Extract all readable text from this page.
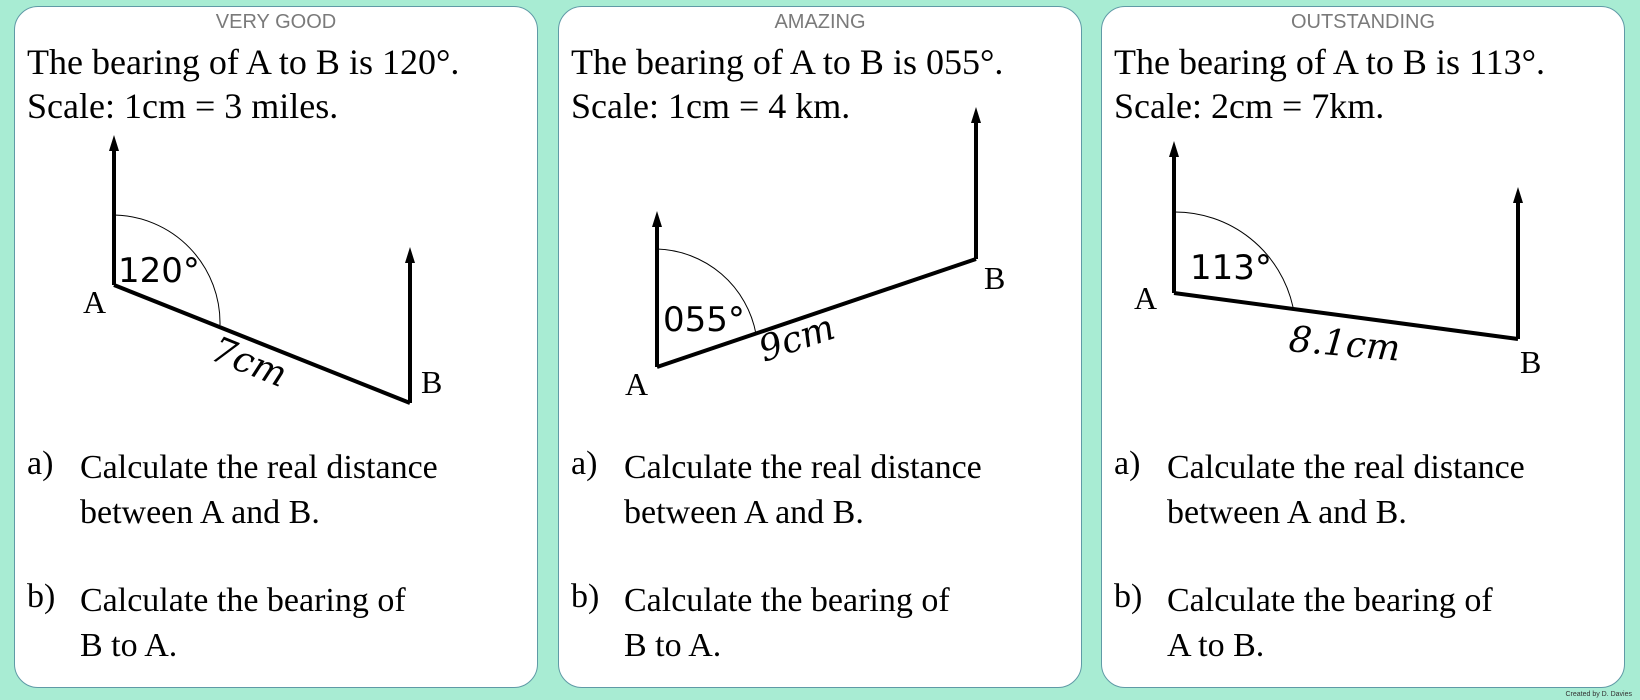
VERY GOOD
The bearing of A to B is 120°.
Scale: 1cm = 3 miles.
120°
A
B
7cm
a) Calculate the real distance
between A and B.
b) Calculate the bearing of
B to A.
AMAZING
The bearing of A to B is 055°.
Scale: 1cm = 4 km.
055°
A
B
9cm
a) Calculate the real distance
between A and B.
b) Calculate the bearing of
B to A.
OUTSTANDING
The bearing of A to B is 113°.
Scale: 2cm = 7km.
113°
A
B
8.1cm
a) Calculate the real distance
between A and B.
b) Calculate the bearing of
A to B.
Created by D. Davies
